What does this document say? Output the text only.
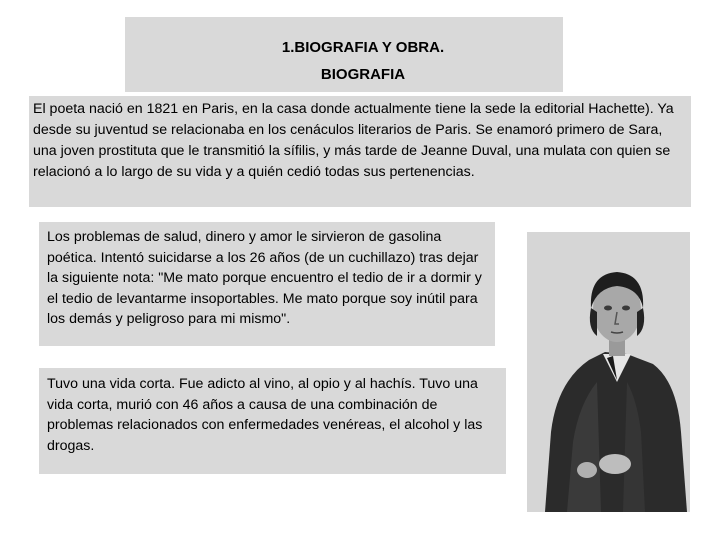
1.BIOGRAFIA Y OBRA.
BIOGRAFIA
El poeta nació en 1821 en Paris, en la casa donde actualmente tiene la sede la editorial Hachette). Ya desde su juventud se relacionaba en los cenáculos literarios de Paris. Se enamoró primero de Sara, una joven prostituta que le transmitió la sífilis, y más tarde de Jeanne Duval, una mulata con quien se relacionó a lo largo de su vida y a quién cedió todas sus pertenencias.
Los problemas de salud, dinero y amor le sirvieron de gasolina poética. Intentó suicidarse a los 26 años (de un cuchillazo) tras dejar la siguiente nota: "Me mato porque encuentro el tedio de ir a dormir y el tedio de levantarme insoportables. Me mato porque soy inútil para los demás y peligroso para mi mismo".
Tuvo una vida corta. Fue adicto al vino, al opio y al hachís. Tuvo una vida corta, murió con 46 años a causa de una combinación de problemas relacionados con enfermedades venéreas, el alcohol y las drogas.
